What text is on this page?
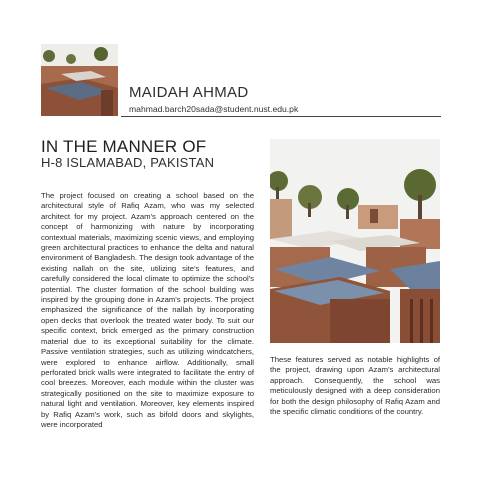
MAIDAH AHMAD
mahmad.barch20sada@student.nust.edu.pk
IN THE MANNER OF
H-8 ISLAMABAD, PAKISTAN

The project focused on creating a school based on the architectural style of Rafiq Azam, who was my selected architect for my project. Azam's approach centered on the concept of harmonizing with nature by incorporating contextual materials, maximizing scenic views, and employing green architectural practices to enhance the delta and natural environment of Bangladesh. The design took advantage of the existing nallah on the site, utilizing site's features, and carefully considered the local climate to optimize the school's potential. The cluster formation of the school building was inspired by the grouping done in Azam's projects. The project emphasized the significance of the nallah by incorporating open decks that overlook the treated water body. To suit our specific context, brick emerged as the primary construction material due to its exceptional suitability for the climate. Passive ventilation strategies, such as utilizing windcatchers, were explored to enhance airflow. Additionally, small perforated brick walls were integrated to facilitate the entry of cool breezes. Moreover, each module within the cluster was strategically positioned on the site to maximize exposure to natural light and ventilation. Moreover, key elements inspired by Rafiq Azam's work, such as bifold doors and skylights, were incorporated

These features served as notable highlights of the project, drawing upon Azam's architectural approach. Consequently, the school was meticulously designed with a deep consideration for both the design philosophy of Rafiq Azam and the specific climatic conditions of the country.
